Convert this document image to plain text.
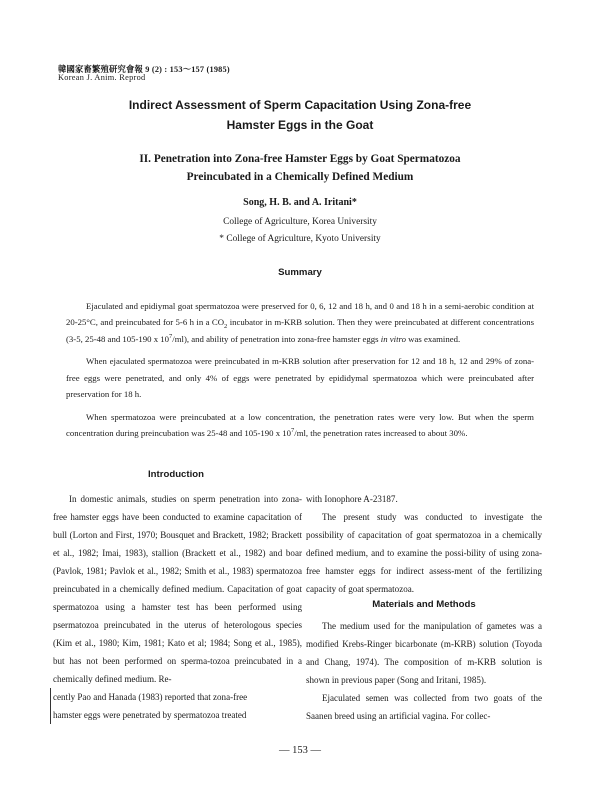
韓國家畜繁殖研究會報 9 (2) : 153～157 (1985)
Korean J. Anim. Reprod
Indirect Assessment of Sperm Capacitation Using Zona-free
Hamster Eggs in the Goat
II. Penetration into Zona-free Hamster Eggs by Goat Spermatozoa
Preincubated in a Chemically Defined Medium
Song, H. B. and A. Iritani*
College of Agriculture, Korea University
* College of Agriculture, Kyoto University
Summary

Ejaculated and epidiymal goat spermatozoa were preserved for 0, 6, 12 and 18 h, and 0 and 18 h in a semi-aerobic condition at 20-25°C, and preincubated for 5-6 h in a $CO_2$ incubator in m-KRB solution. Then they were preincubated at different concentrations (3-5, 25-48 and 105-190 x $10^7/ml$), and ability of penetration into zona-free hamster eggs in vitro was examined.

When ejaculated spermatozoa were preincubated in m-KRB solution after preservation for 12 and 18 h, 12 and 29% of zona-free eggs were penetrated, and only 4% of eggs were penetrated by epididymal spermatozoa which were preincubated after preservation for 18 h.

When spermatozoa were preincubated at a low concentration, the penetration rates were very low. But when the sperm concentration during preincubation was 25-48 and 105-190 x $10^7/ml$, the penetration rates increased to about 30%.

Introduction

In domestic animals, studies on sperm penetration into zona-free hamster eggs have been conducted to examine capacitation of bull (Lorton and First, 1970; Bousquet and Brackett, 1982; Brackett et al., 1982; Imai, 1983), stallion (Brackett et al., 1982) and boar (Pavlok, 1981; Pavlok et al., 1982; Smith et al., 1983) spermatozoa preincubated in a chemically defined medium. Capacitation of goat spermatozoa using a hamster test has been performed using psermatozoa preincubated in the uterus of heterologous species (Kim et al., 1980; Kim, 1981; Kato et al; 1984; Song et al., 1985), but has not been performed on sperma-tozoa preincubated in a chemically defined medium. Re-

cently Pao and Hanada (1983) reported that zona-free

hamster eggs were penetrated by spermatozoa treated

with Ionophore A-23187.

The present study was conducted to investigate the possibility of capacitation of goat spermatozoa in a chemically defined medium, and to examine the possi-bility of using zona-free hamster eggs for indirect assess-ment of the fertilizing capacity of goat spermatozoa.

Materials and Methods

The medium used for the manipulation of gametes was a modified Krebs-Ringer bicarbonate (m-KRB) solution (Toyoda and Chang, 1974). The composition of m-KRB solution is shown in previous paper (Song and Iritani, 1985).

Ejaculated semen was collected from two goats of the Saanen breed using an artificial vagina. For collec-

— 153 —
